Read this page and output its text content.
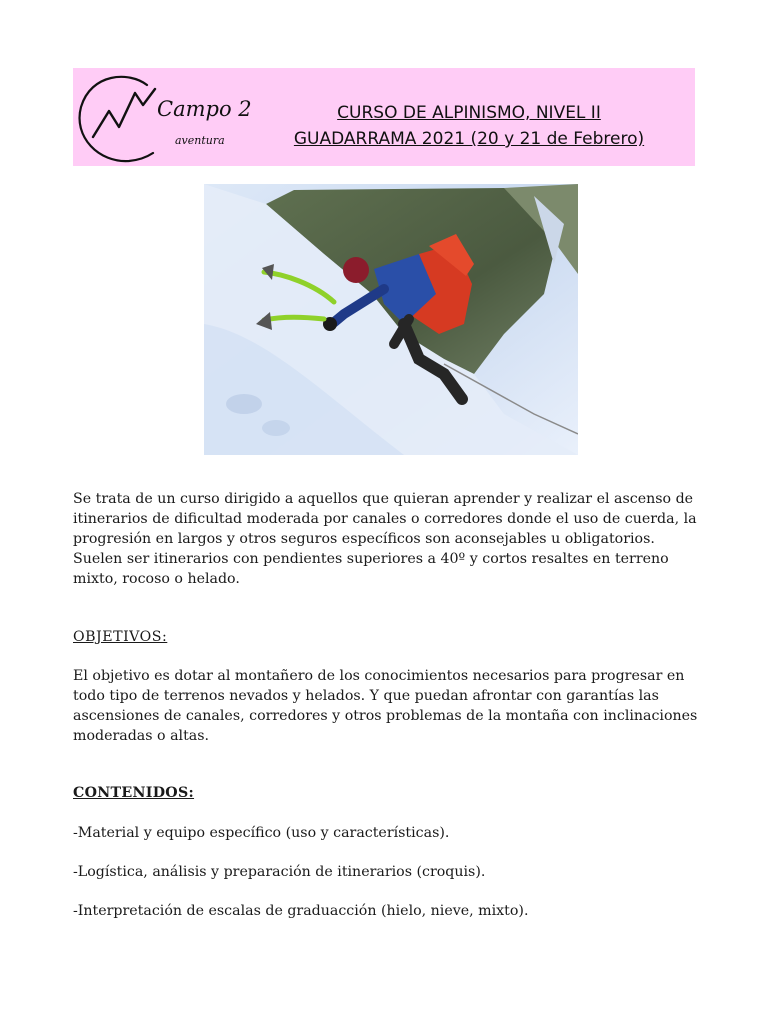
Campo 2
aventura
CURSO DE ALPINISMO, NIVEL II
GUADARRAMA 2021 (20 y 21 de Febrero)
Se trata de un curso dirigido a aquellos que quieran aprender y realizar el ascenso de itinerarios de dificultad moderada por canales o corredores donde el uso de cuerda, la progresión en largos y otros seguros específicos son aconsejables u obligatorios. Suelen ser itinerarios con pendientes superiores a 40º y cortos resaltes en terreno mixto, rocoso o helado.
OBJETIVOS:
El objetivo es dotar al montañero de los conocimientos necesarios para progresar en todo tipo de terrenos nevados y helados. Y que puedan afrontar con garantías las ascensiones de canales, corredores y otros problemas de la montaña con inclinaciones moderadas o altas.
CONTENIDOS:
-Material y equipo específico (uso y características).
-Logística, análisis y preparación de itinerarios (croquis).
-Interpretación de escalas de graduacción (hielo, nieve, mixto).
